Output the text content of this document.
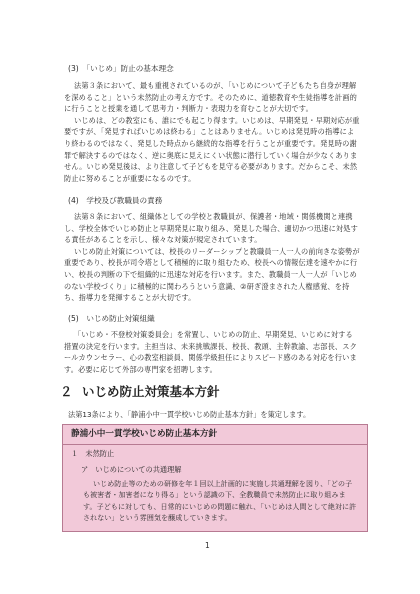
(3)　「いじめ」防止の基本理念

法第３条において、最も重視されているのが、「いじめについて子どもたち自身が理解を深めること」という未然防止の考え方です。そのために、道徳教育や生徒指導を計画的に行うことと授業を通して思考力・判断力・表現力を育むことが大切です。

いじめは、どの教室にも、誰にでも起こり得ます。いじめは、早期発見・早期対応が重要ですが、「発見すればいじめは終わる」ことはありません。いじめは発見時の指導により終わるのではなく、発見した時点から継続的な指導を行うことが重要です。発見時の謝罪で解決するのではなく、逆に奥底に見えにくい状態に潜行していく場合が少なくありません。いじめ発見後は、より注意して子どもを見守る必要があります。だからこそ、未然防止に努めることが重要になるのです。

(4)　学校及び教職員の責務

法第８条において、組織体としての学校と教職員が、保護者・地域・関係機関と連携し、学校全体でいじめ防止と早期発見に取り組み、発見した場合、適切かつ迅速に対処する責任があることを示し、様々な対策が規定されています。

いじめ防止対策については、校長のリーダーシップと教職員一人一人の前向きな姿勢が重要であり、校長が司令塔として積極的に取り組むため、校長への情報伝達を速やかに行い、校長の判断の下で組織的に迅速な対応を行います。また、教職員一人一人が「いじめのない学校づくり」に積極的に関わろうという意識、②研ぎ澄まされた人権感覚、を持ち、指導力を発揮することが大切です。

(5)　いじめ防止対策組織

「いじめ・不登校対策委員会」を常置し、いじめの防止、早期発見、いじめに対する措置の決定を行います。主担当は、未来挑戦課長、校長、教頭、主幹教諭、志部長、スクールカウンセラー、心の教室相談員、関係学級担任によりスピード感のある対応を行います。必要に応じて外部の専門家を招聘します。

２ いじめ防止対策基本方針
法第13条により、「静浦小中一貫学校いじめ防止基本方針」を策定します。
静浦小中一貫学校いじめ防止基本方針
１　未然防止
ア　いじめについての共通理解

いじめ防止等のための研修を年１回以上計画的に実施し共通理解を図り、「どの子も被害者・加害者になり得る」という認識の下、全教職員で未然防止に取り組みます。子どもに対しても、日常的にいじめの問題に触れ、「いじめは人間として絶対に許されない」という雰囲気を醸成していきます。

1
